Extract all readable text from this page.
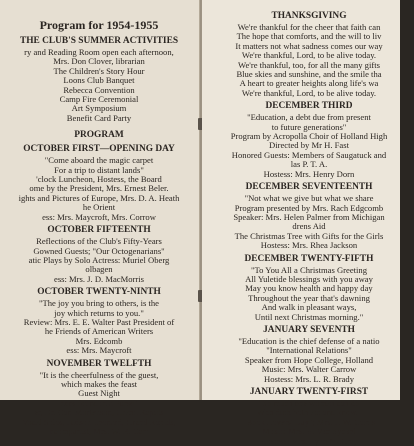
Program for 1954-1955
THE CLUB'S SUMMER ACTIVITIES
ry and Reading Room open each afternoon,
Mrs. Don Clover, librarian
The Children's Story Hour
Loons Club Banquet
Rebecca Convention
Camp Fire Ceremonial
Art Symposium
Benefit Card Party
PROGRAM
OCTOBER FIRST—OPENING DAY
"Come aboard the magic carpet
For a trip to distant lands"
'clock Luncheon, Hostess, the Board
ome by the President, Mrs. Ernest Beler.
ights and Pictures of Europe, Mrs. D. A. Heath
he Orient
ess: Mrs. Maycroft, Mrs. Corrow
OCTOBER FIFTEENTH
Reflections of the Club's Fifty-Years
Gowned Guests; "Our Octogenarians"
atic Plays by Solo Actress: Muriel Oberg
olbagen
ess: Mrs. J. D. MacMorris
OCTOBER TWENTY-NINTH
"The joy you bring to others, is the
joy which returns to you."
Review: Mrs. E. E. Walter Past President of
he Friends of American Writers
Mrs. Edcomb
ess: Mrs. Maycroft
NOVEMBER TWELFTH
"It is the cheerfulness of the guest,
which makes the feast
Guest Night
nces found in a Purse"
er, Dr. Carl Mortenson, Grand Rapids
Vocal Solos, Judson Leonard, Grand Rapids,
ccompanist, Mrs. W. B. Carr
THANKSGIVING
We're thankful for the cheer that faith can
The hope that comforts, and the will to liv
It matters not what sadness comes our way
We're thankful, Lord, to be alive today.
We're thankful, too, for all the many gifts
Blue skies and sunshine, and the smile tha
A heart to greater heights along life's wa
We're thankful, Lord, to be alive today.
DECEMBER THIRD
"Education, a debt due from present
to future generations"
Program by Acropolla Choir of Holland High
Directed by Mr H. Fast
Honored Guests: Members of Saugatuck and
las P. T. A.
Hostess: Mrs. Henry Dorn
DECEMBER SEVENTEENTH
"Not what we give but what we share
Program presented by Mrs. Rach Edgcomb
Speaker: Mrs. Helen Palmer from Michigan
drens Aid
The Christmas Tree with Gifts for the Girls
Hostess: Mrs. Rhea Jackson
DECEMBER TWENTY-FIFTH
"To You All a Christmas Greeting
All Yuletide blessings with you away
May you know health and happy day
Throughout the year that's dawning
And walk in pleasant ways,
Until next Christmas morning."
JANUARY SEVENTH
"Education is the chief defense of a natio
"International Relations"
Speaker from Hope College, Holland
Music: Mrs. Walter Carrow
Hostess: Mrs. L. R. Brady
JANUARY TWENTY-FIRST
"So much one woman can do
Who doth both act and know."
"Book Lovers' Day"; Mrs. J. W. Curtis
Music: Mrs. H. Van Syckel
Hostess: Mrs. Lynn McCray
